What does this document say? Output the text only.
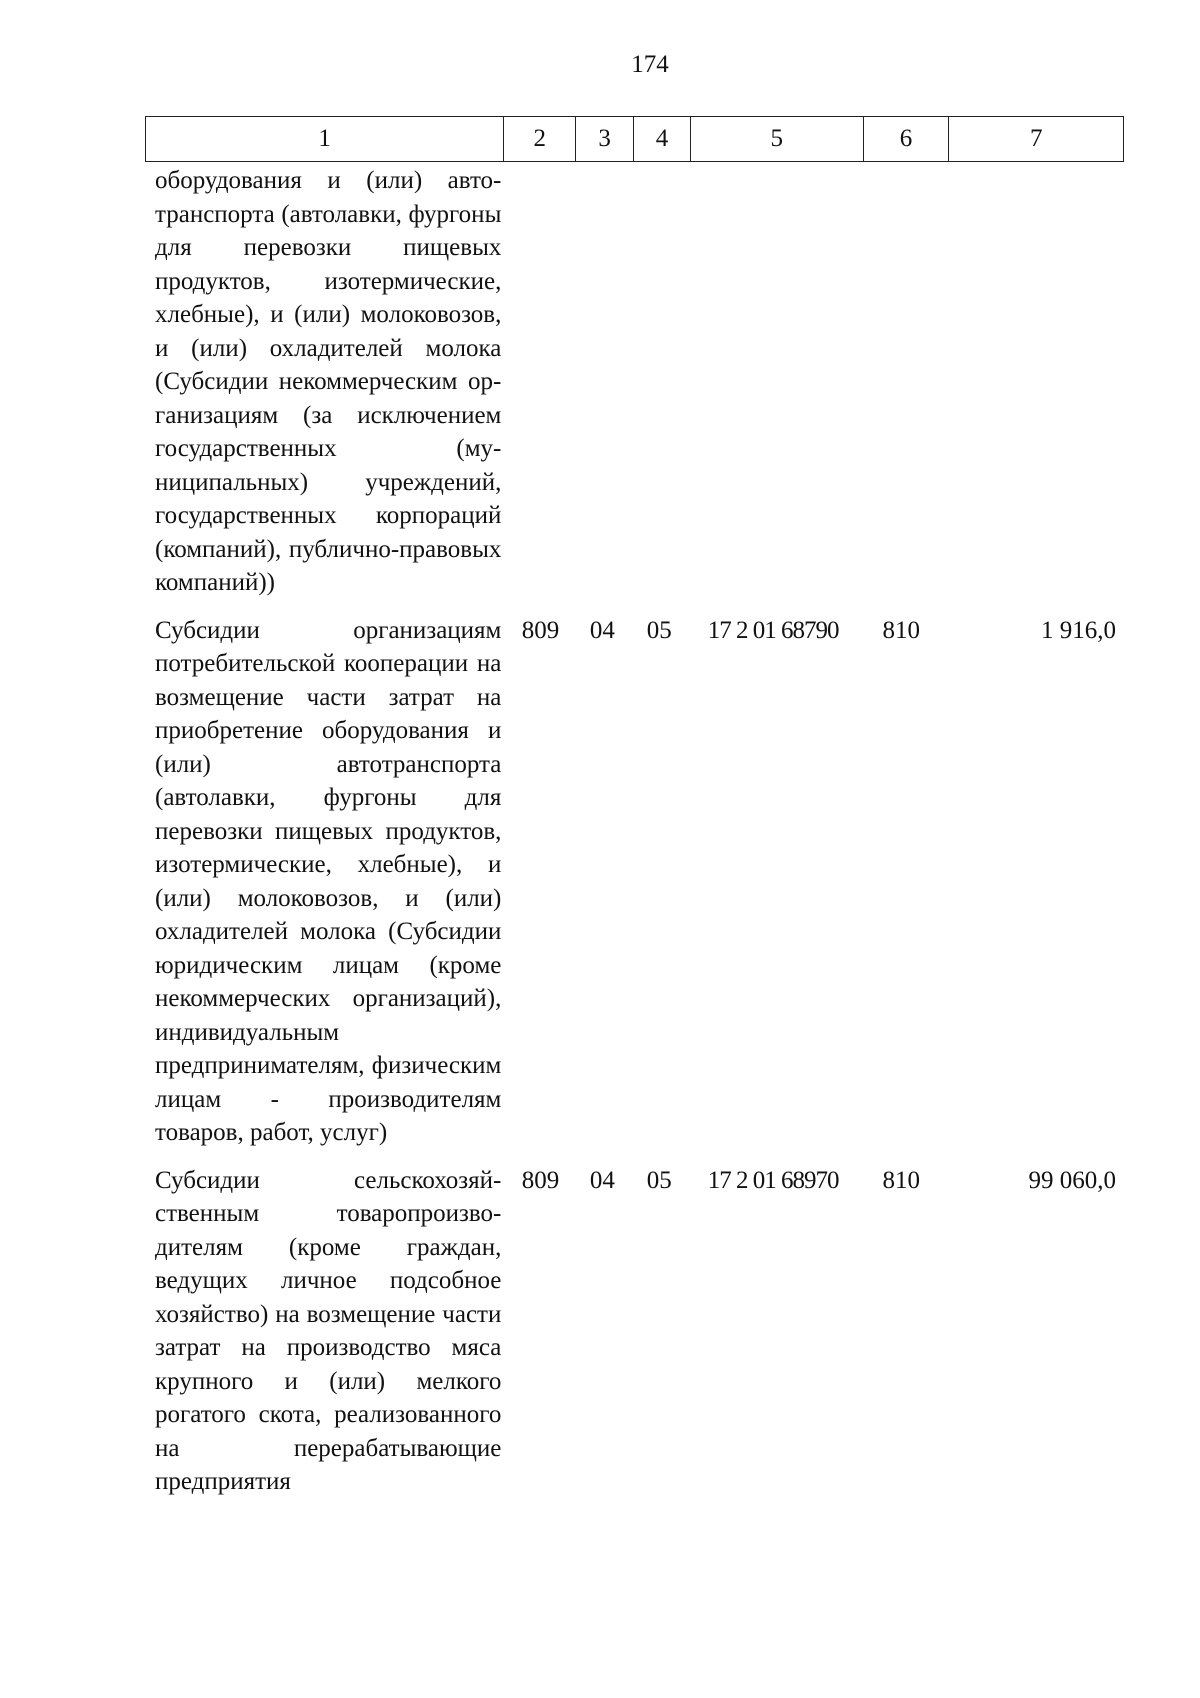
174
1	2	3	4	5	6	7
оборудования и (или) автотранспорта (автолавки, фургоны для перевозки пищевых продуктов, изотермические, хлебные), и (или) молоковозов, и (или) охладителей молока (Субсидии некоммерческим организациям (за исключением государственных (муниципальных) учреждений, государственных корпораций (компаний), публично-правовых компаний))
Субсидии организациям потребительской кооперации на возмещение части затрат на приобретение оборудования и (или) автотранспорта (автолавки, фургоны для перевозки пищевых продуктов, изотермические, хлебные), и (или) молоковозов, и (или) охладителей молока (Субсидии юридическим лицам (кроме некоммерческих организаций), индивидуальным предпринимателям, физическим лицам - производителям товаров, работ, услуг)
809	04	05	17 2 01 68790	810	1 916,0
Субсидии сельскохозяйственным товаропроизводителям (кроме граждан, ведущих личное подсобное хозяйство) на возмещение части затрат на производство мяса крупного и (или) мелкого рогатого скота, реализованного на перерабатывающие предприятия
809	04	05	17 2 01 68970	810	99 060,0
